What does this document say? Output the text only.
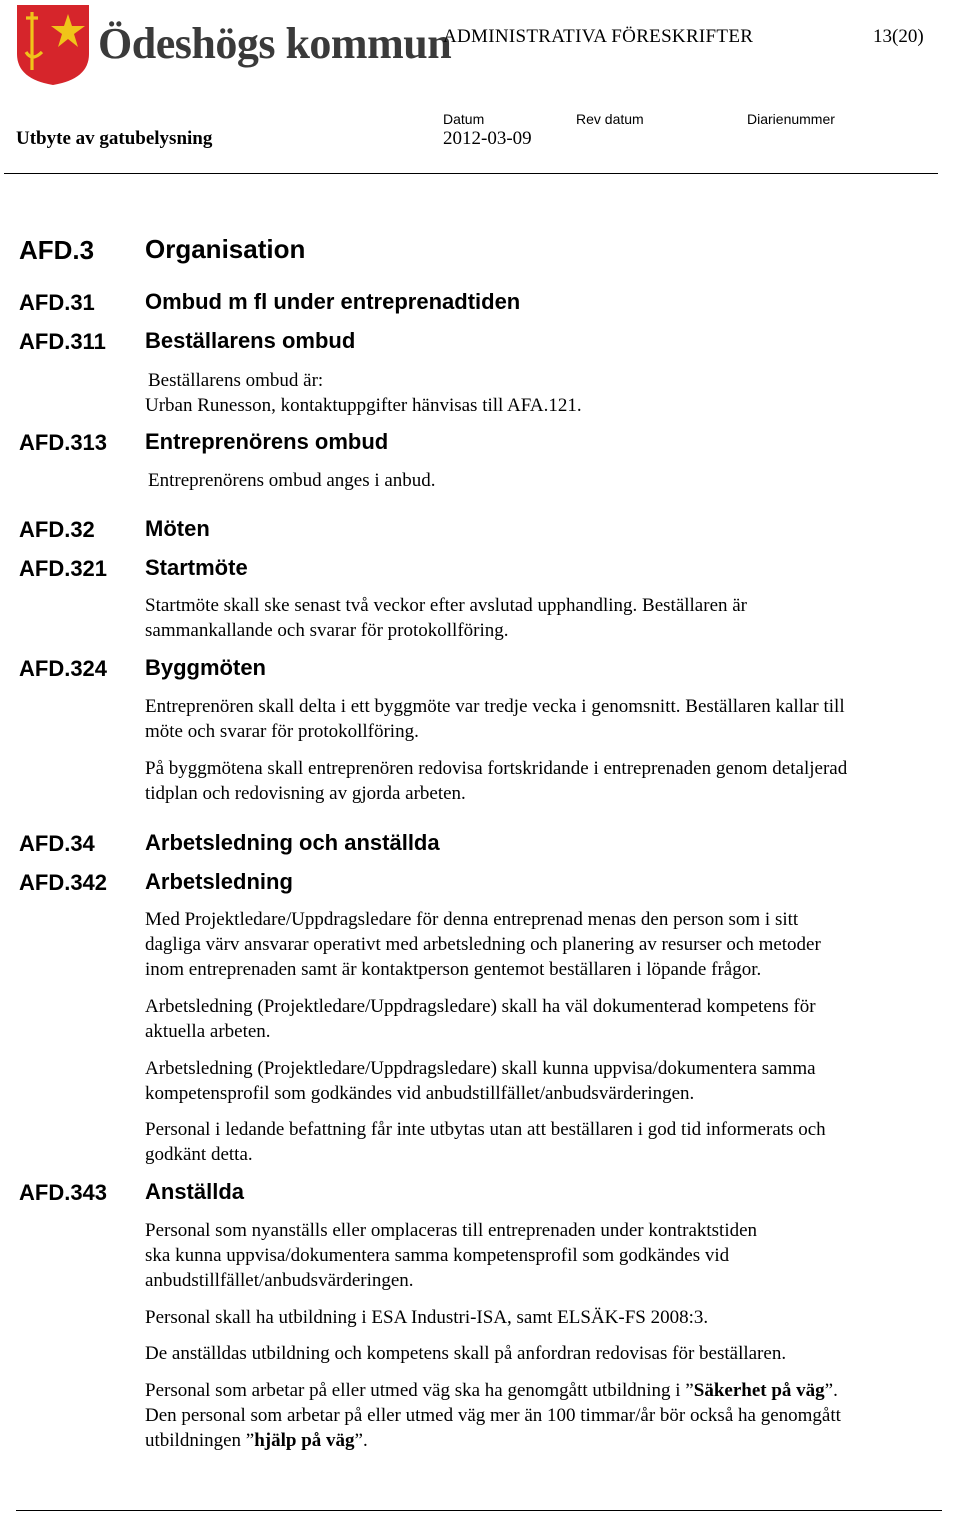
Ödeshögs kommun
ADMINISTRATIVA FÖRESKRIFTER	13(20)
Utbyte av gatubelysning
Datum	Rev datum	Diarienummer
2012-03-09
AFD.3 Organisation
AFD.31 Ombud m fl under entreprenadtiden
AFD.311 Beställarens ombud
Beställarens ombud är:
Urban Runesson, kontaktuppgifter hänvisas till AFA.121.
AFD.313 Entreprenörens ombud
Entreprenörens ombud anges i anbud.
AFD.32 Möten
AFD.321 Startmöte
Startmöte skall ske senast två veckor efter avslutad upphandling. Beställaren är
sammankallande och svarar för protokollföring.
AFD.324 Byggmöten
Entreprenören skall delta i ett byggmöte var tredje vecka i genomsnitt. Beställaren kallar till
möte och svarar för protokollföring.
På byggmötena skall entreprenören redovisa fortskridande i entreprenaden genom detaljerad
tidplan och redovisning av gjorda arbeten.
AFD.34 Arbetsledning och anställda
AFD.342 Arbetsledning
Med Projektledare/Uppdragsledare för denna entreprenad menas den person som i sitt
dagliga värv ansvarar operativt med arbetsledning och planering av resurser och metoder
inom entreprenaden samt är kontaktperson gentemot beställaren i löpande frågor.
Arbetsledning (Projektledare/Uppdragsledare) skall ha väl dokumenterad kompetens för
aktuella arbeten.
Arbetsledning (Projektledare/Uppdragsledare) skall kunna uppvisa/dokumentera samma
kompetensprofil som godkändes vid anbudstillfället/anbudsvärderingen.
Personal i ledande befattning får inte utbytas utan att beställaren i god tid informerats och
godkänt detta.
AFD.343 Anställda
Personal som nyanställs eller omplaceras till entreprenaden under kontraktstiden
ska kunna uppvisa/dokumentera samma kompetensprofil som godkändes vid
anbudstillfället/anbudsvärderingen.
Personal skall ha utbildning i ESA Industri-ISA, samt ELSÄK-FS 2008:3.
De anställdas utbildning och kompetens skall på anfordran redovisas för beställaren.
Personal som arbetar på eller utmed väg ska ha genomgått utbildning i ”Säkerhet på väg”.
Den personal som arbetar på eller utmed väg mer än 100 timmar/år bör också ha genomgått
utbildningen ”hjälp på väg”.
